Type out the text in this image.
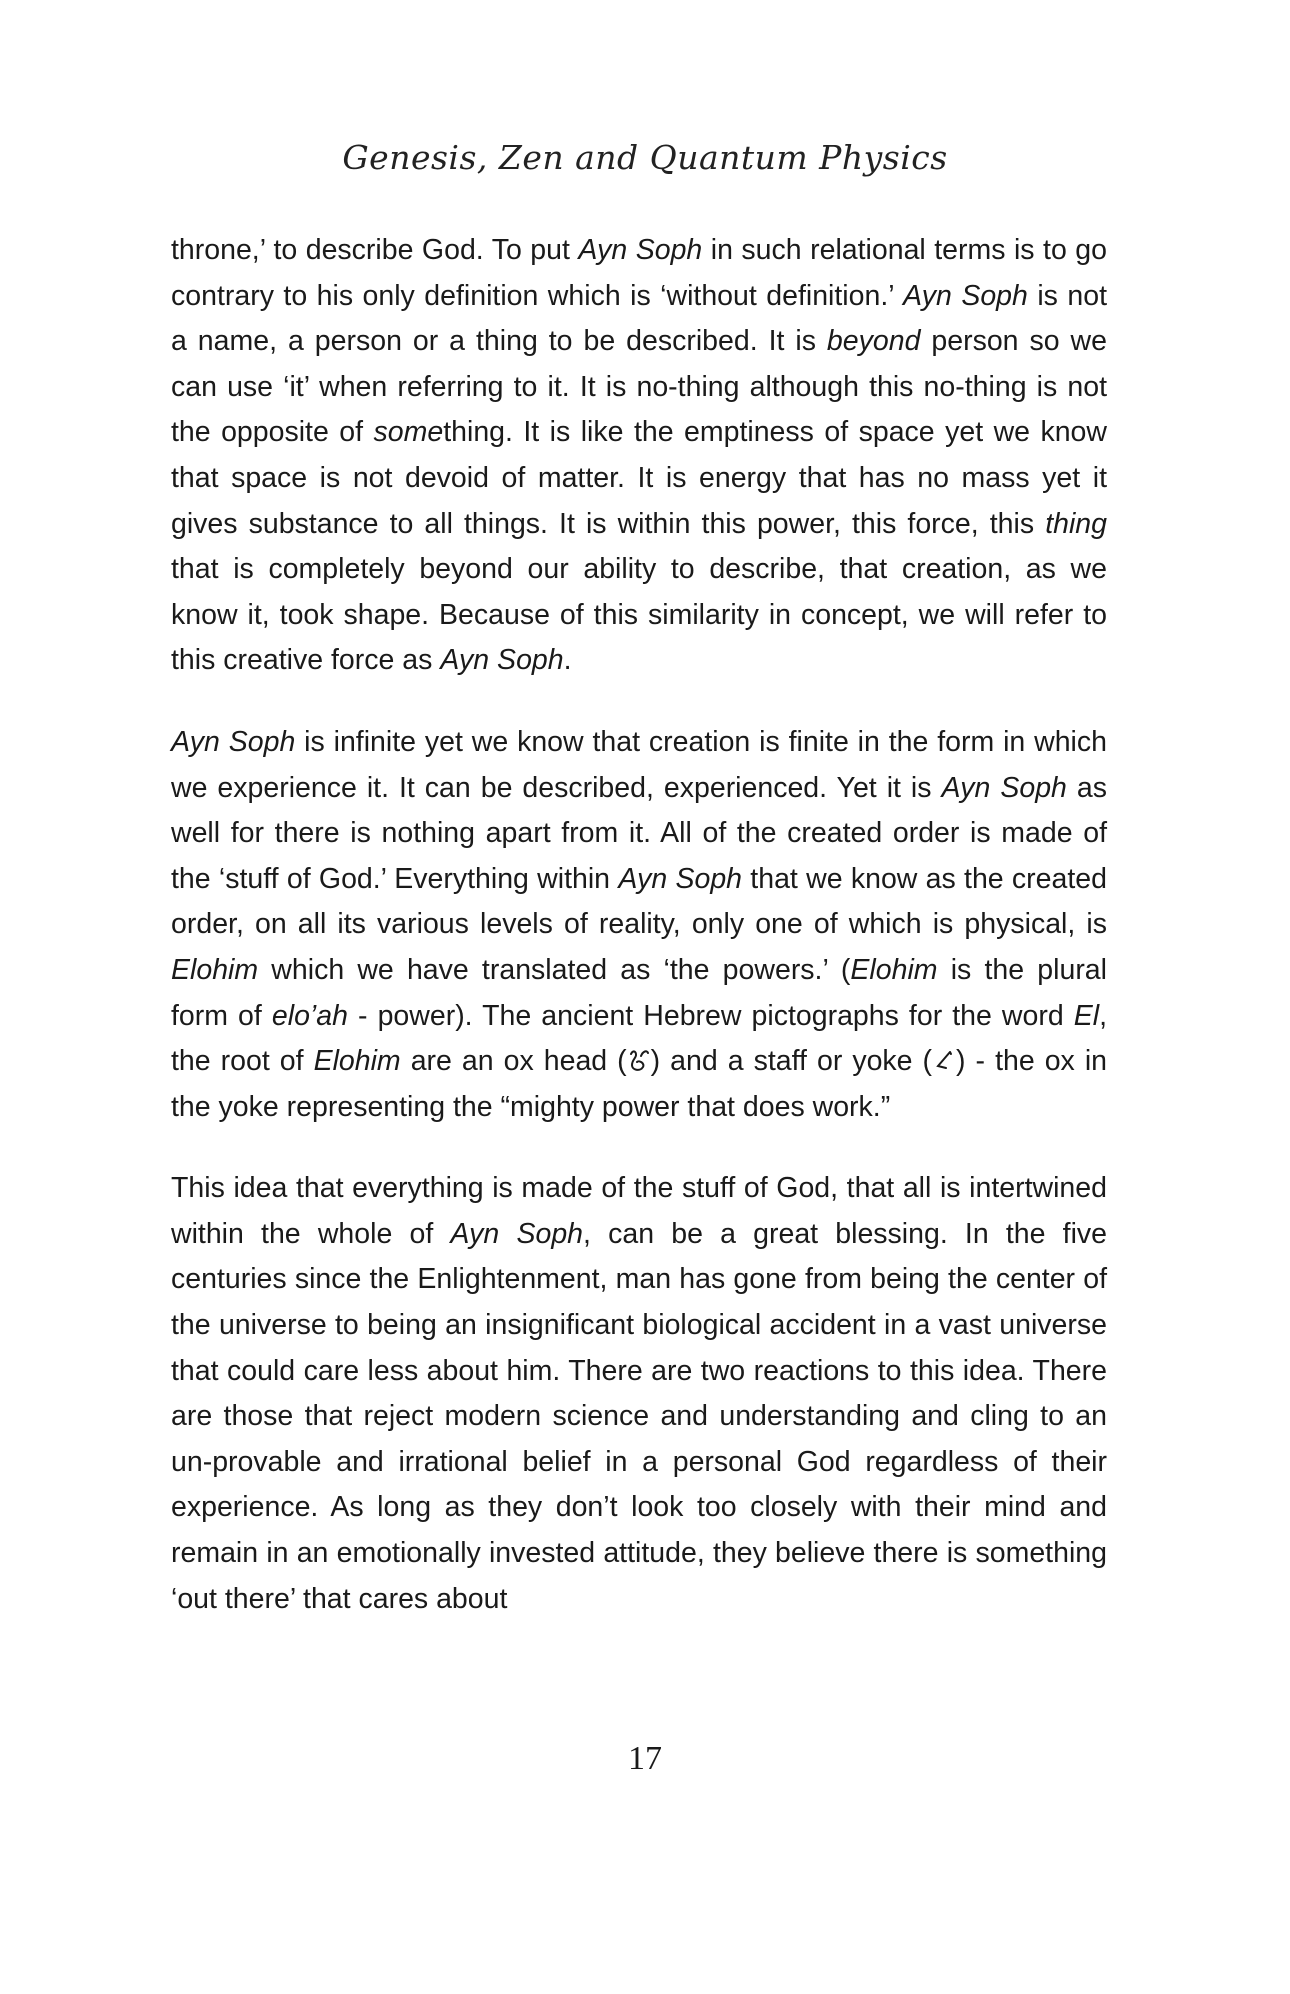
Genesis, Zen and Quantum Physics

throne,’ to describe God. To put Ayn Soph in such relational terms is to go contrary to his only definition which is ‘without definition.’ Ayn Soph is not a name, a person or a thing to be described. It is beyond person so we can use ‘it’ when referring to it. It is no-thing although this no-thing is not the opposite of something. It is like the emptiness of space yet we know that space is not devoid of matter. It is energy that has no mass yet it gives substance to all things. It is within this power, this force, this thing that is completely beyond our ability to describe, that creation, as we know it, took shape. Because of this similarity in concept, we will refer to this creative force as Ayn Soph.

Ayn Soph is infinite yet we know that creation is finite in the form in which we experience it. It can be described, experienced. Yet it is Ayn Soph as well for there is nothing apart from it. All of the created order is made of the ‘stuff of God.’ Everything within Ayn Soph that we know as the created order, on all its various levels of reality, only one of which is physical, is Elohim which we have translated as ‘the powers.’ (Elohim is the plural form of elo’ah - power). The ancient Hebrew pictographs for the word El, the root of Elohim are an ox head ( ) and a staff or yoke ( ) - the ox in the yoke representing the “mighty power that does work.”

This idea that everything is made of the stuff of God, that all is intertwined within the whole of Ayn Soph, can be a great blessing. In the five centuries since the Enlightenment, man has gone from being the center of the universe to being an insignificant biological accident in a vast universe that could care less about him. There are two reactions to this idea. There are those that reject modern science and understanding and cling to an un-provable and irrational belief in a personal God regardless of their experience. As long as they don’t look too closely with their mind and remain in an emotionally invested attitude, they believe there is something ‘out there’ that cares about

17
